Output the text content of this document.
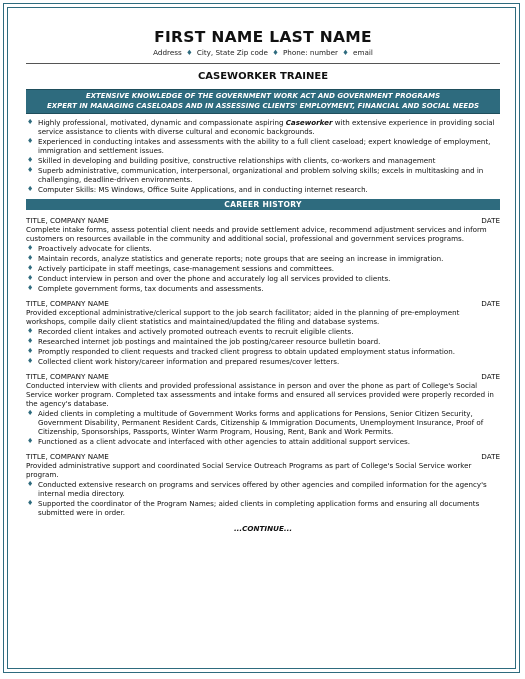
FIRST NAME LAST NAME
Address ♦ City, State Zip code ♦ Phone: number ♦ email
CASEWORKER TRAINEE
EXTENSIVE KNOWLEDGE OF THE GOVERNMENT WORK ACT AND GOVERNMENT PROGRAMS
EXPERT IN MANAGING CASELOADS AND IN ASSESSING CLIENTS' EMPLOYMENT, FINANCIAL AND SOCIAL NEEDS
♦ Highly professional, motivated, dynamic and compassionate aspiring Caseworker with extensive experience in providing social service assistance to clients with diverse cultural and economic backgrounds.
♦ Experienced in conducting intakes and assessments with the ability to a full client caseload; expert knowledge of employment, immigration and settlement issues.
♦ Skilled in developing and building positive, constructive relationships with clients, co-workers and management
♦ Superb administrative, communication, interpersonal, organizational and problem solving skills; excels in multitasking and in challenging, deadline-driven environments.
♦ Computer Skills: MS Windows, Office Suite Applications, and in conducting internet research.
CAREER HISTORY
TITLE, COMPANY NAME	DATE
Complete intake forms, assess potential client needs and provide settlement advice, recommend adjustment services and inform customers on resources available in the community and additional social, professional and government services programs.
♦ Proactively advocate for clients.
♦ Maintain records, analyze statistics and generate reports; note groups that are seeing an increase in immigration.
♦ Actively participate in staff meetings, case-management sessions and committees.
♦ Conduct interview in person and over the phone and accurately log all services provided to clients.
♦ Complete government forms, tax documents and assessments.
TITLE, COMPANY NAME	DATE
Provided exceptional administrative/clerical support to the job search facilitator; aided in the planning of pre-employment workshops, compile daily client statistics and maintained/updated the filing and database systems.
♦ Recorded client intakes and actively promoted outreach events to recruit eligible clients.
♦ Researched internet job postings and maintained the job posting/career resource bulletin board.
♦ Promptly responded to client requests and tracked client progress to obtain updated employment status information.
♦ Collected client work history/career information and prepared resumes/cover letters.
TITLE, COMPANY NAME	DATE
Conducted interview with clients and provided professional assistance in person and over the phone as part of College's Social Service worker program. Completed tax assessments and intake forms and ensured all services provided were properly recorded in the agency's database.
♦ Aided clients in completing a multitude of Government Works forms and applications for Pensions, Senior Citizen Security, Government Disability, Permanent Resident Cards, Citizenship & Immigration Documents, Unemployment Insurance, Proof of Citizenship, Sponsorships, Passports, Winter Warm Program, Housing, Rent, Bank and Work Permits.
♦ Functioned as a client advocate and interfaced with other agencies to attain additional support services.
TITLE, COMPANY NAME	DATE
Provided administrative support and coordinated Social Service Outreach Programs as part of College's Social Service worker program.
♦ Conducted extensive research on programs and services offered by other agencies and compiled information for the agency's internal media directory.
♦ Supported the coordinator of the Program Names; aided clients in completing application forms and ensuring all documents submitted were in order.
...CONTINUE...
